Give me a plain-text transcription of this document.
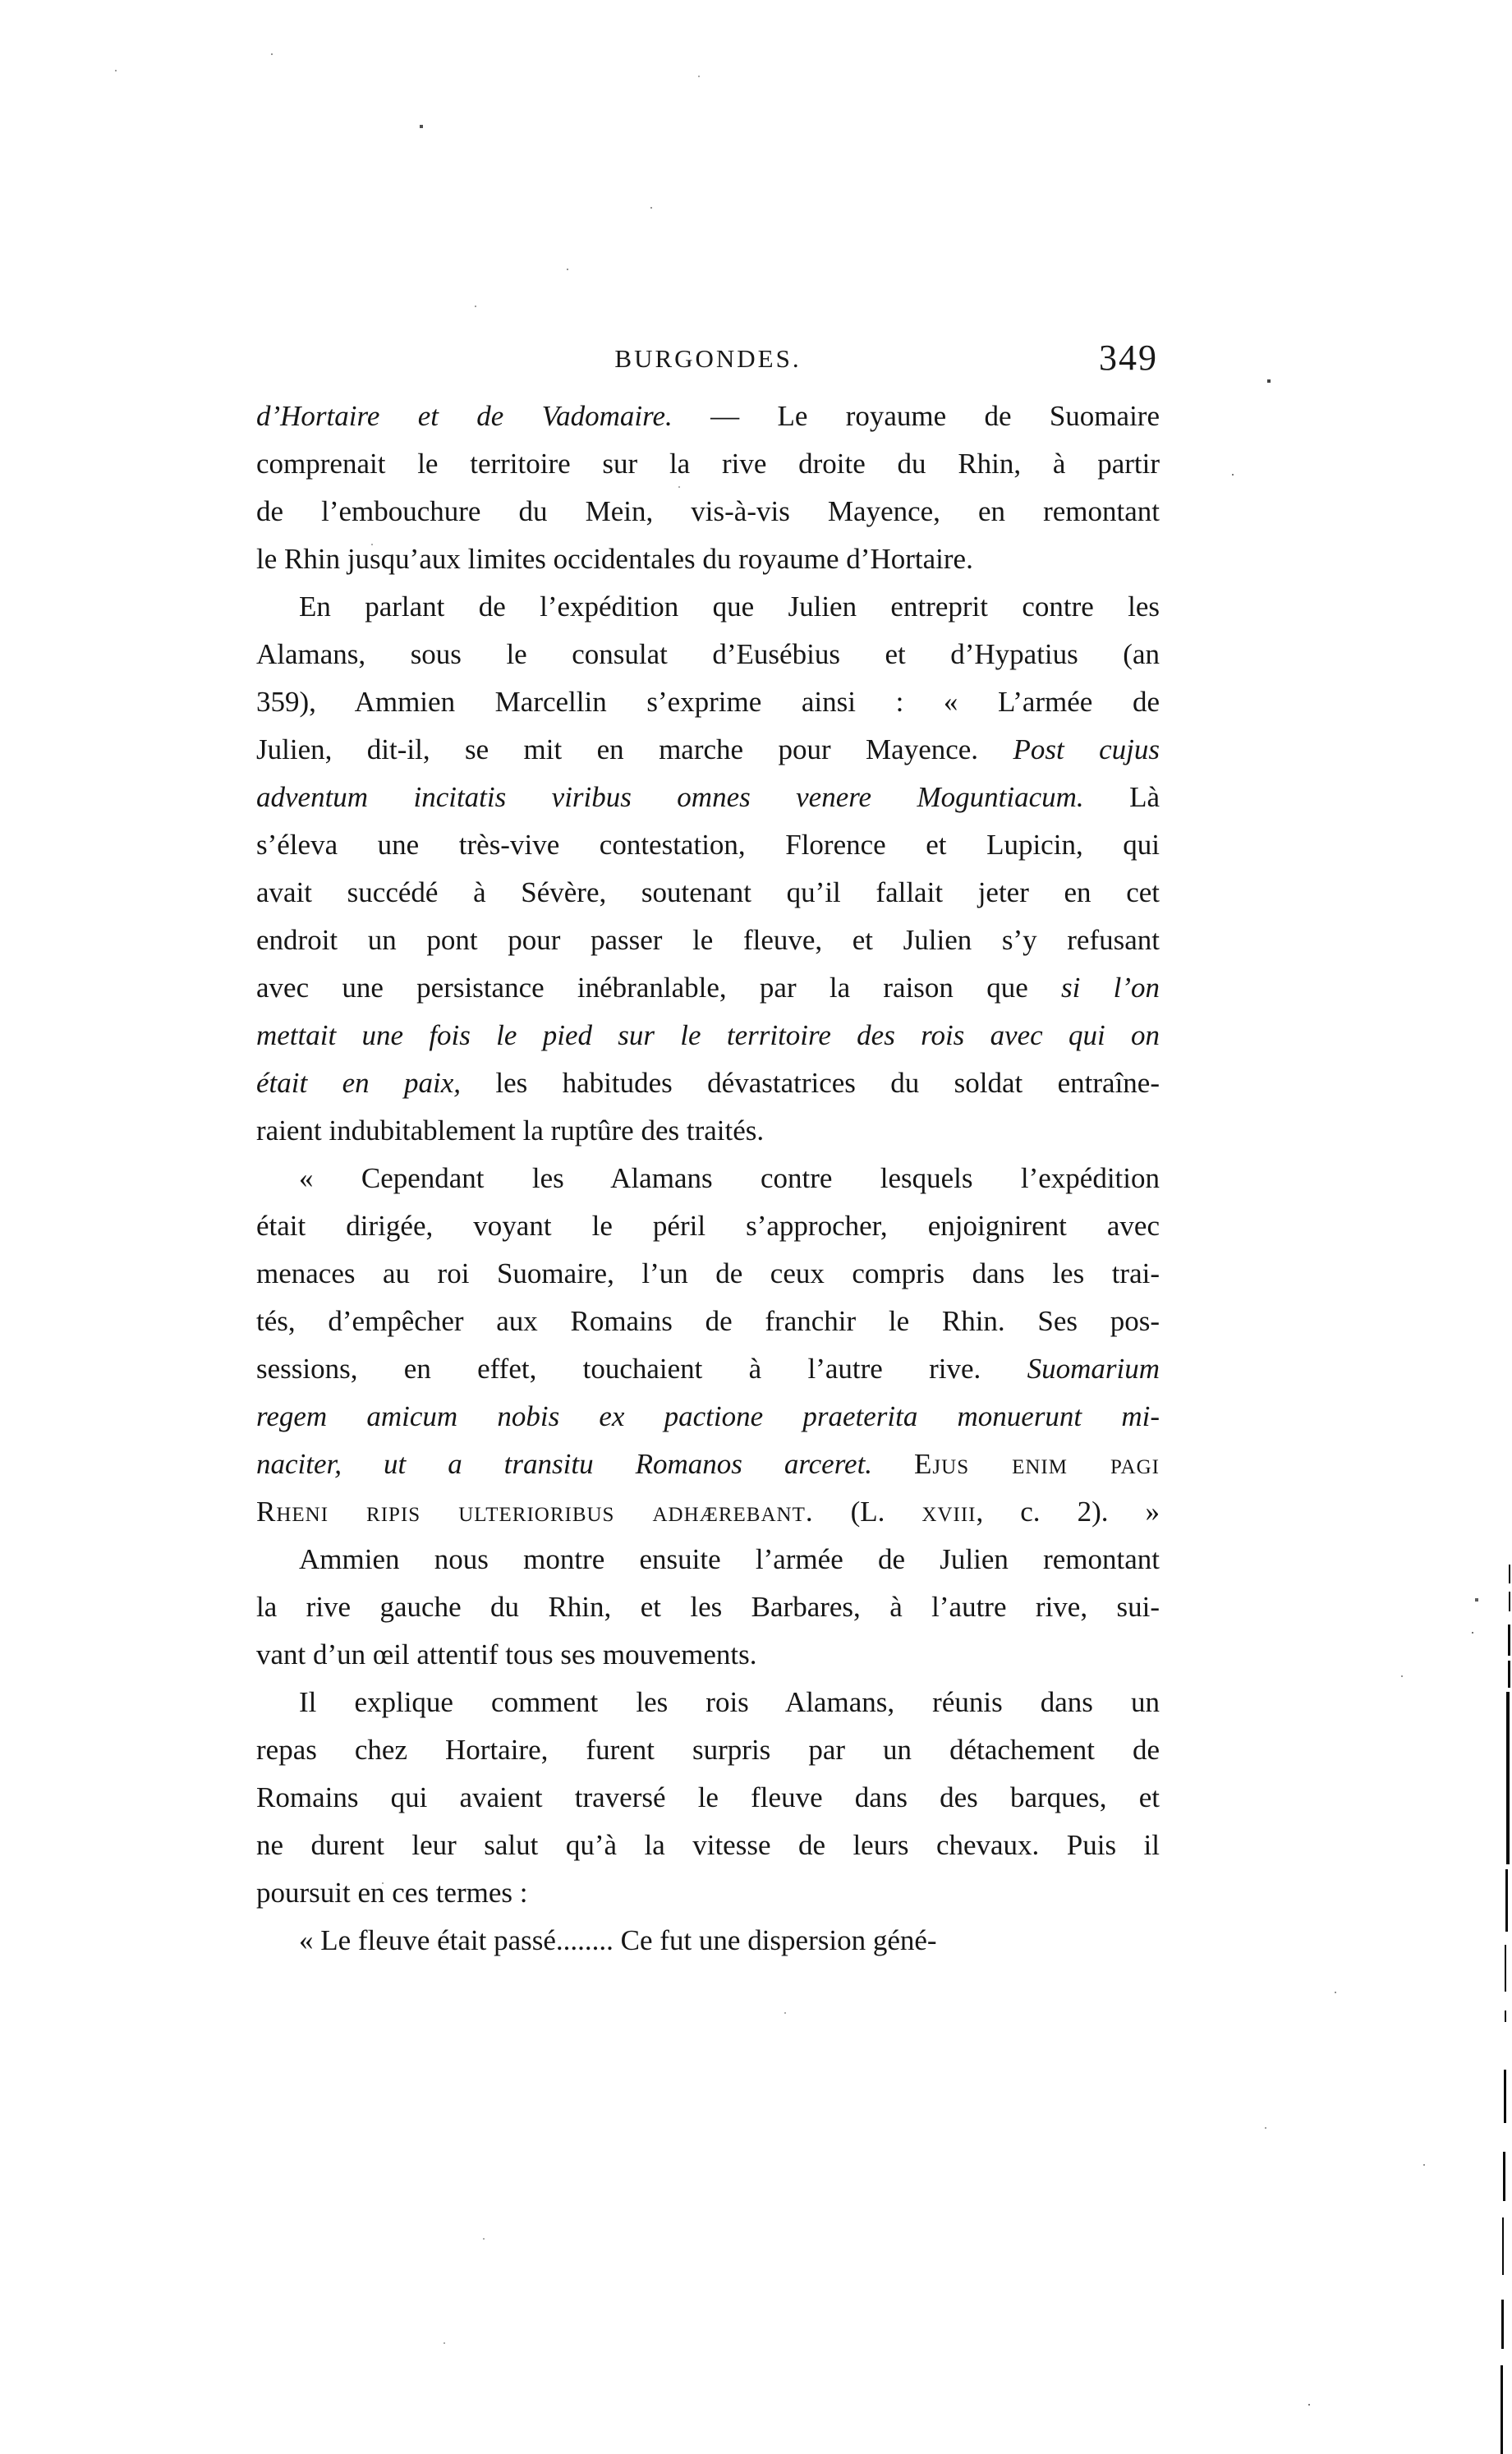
BURGONDES.	349
d’Hortaire et de Vadomaire. — Le royaume de Suomaire
comprenait le territoire sur la rive droite du Rhin, à partir
de l’embouchure du Mein, vis-à-vis Mayence, en remontant
le Rhin jusqu’aux limites occidentales du royaume d’Hortaire.
En parlant de l’expédition que Julien entreprit contre les
Alamans, sous le consulat d’Eusébius et d’Hypatius (an
359), Ammien Marcellin s’exprime ainsi : « L’armée de
Julien, dit-il, se mit en marche pour Mayence. Post cujus
adventum incitatis viribus omnes venere Moguntiacum. Là
s’éleva une très-vive contestation, Florence et Lupicin, qui
avait succédé à Sévère, soutenant qu’il fallait jeter en cet
endroit un pont pour passer le fleuve, et Julien s’y refusant
avec une persistance inébranlable, par la raison que si l’on
mettait une fois le pied sur le territoire des rois avec qui on
était en paix, les habitudes dévastatrices du soldat entraîne-
raient indubitablement la ruptûre des traités.
« Cependant les Alamans contre lesquels l’expédition
était dirigée, voyant le péril s’approcher, enjoignirent avec
menaces au roi Suomaire, l’un de ceux compris dans les trai-
tés, d’empêcher aux Romains de franchir le Rhin. Ses pos-
sessions, en effet, touchaient à l’autre rive. Suomarium
regem amicum nobis ex pactione praeterita monuerunt mi-
naciter, ut a transitu Romanos arceret. Ejus enim pagi
Rheni ripis ulterioribus adhærebant. (L. xviii, c. 2). »
Ammien nous montre ensuite l’armée de Julien remontant
la rive gauche du Rhin, et les Barbares, à l’autre rive, sui-
vant d’un œil attentif tous ses mouvements.
Il explique comment les rois Alamans, réunis dans un
repas chez Hortaire, furent surpris par un détachement de
Romains qui avaient traversé le fleuve dans des barques, et
ne durent leur salut qu’à la vitesse de leurs chevaux. Puis il
poursuit en ces termes :
« Le fleuve était passé........ Ce fut une dispersion géné-
